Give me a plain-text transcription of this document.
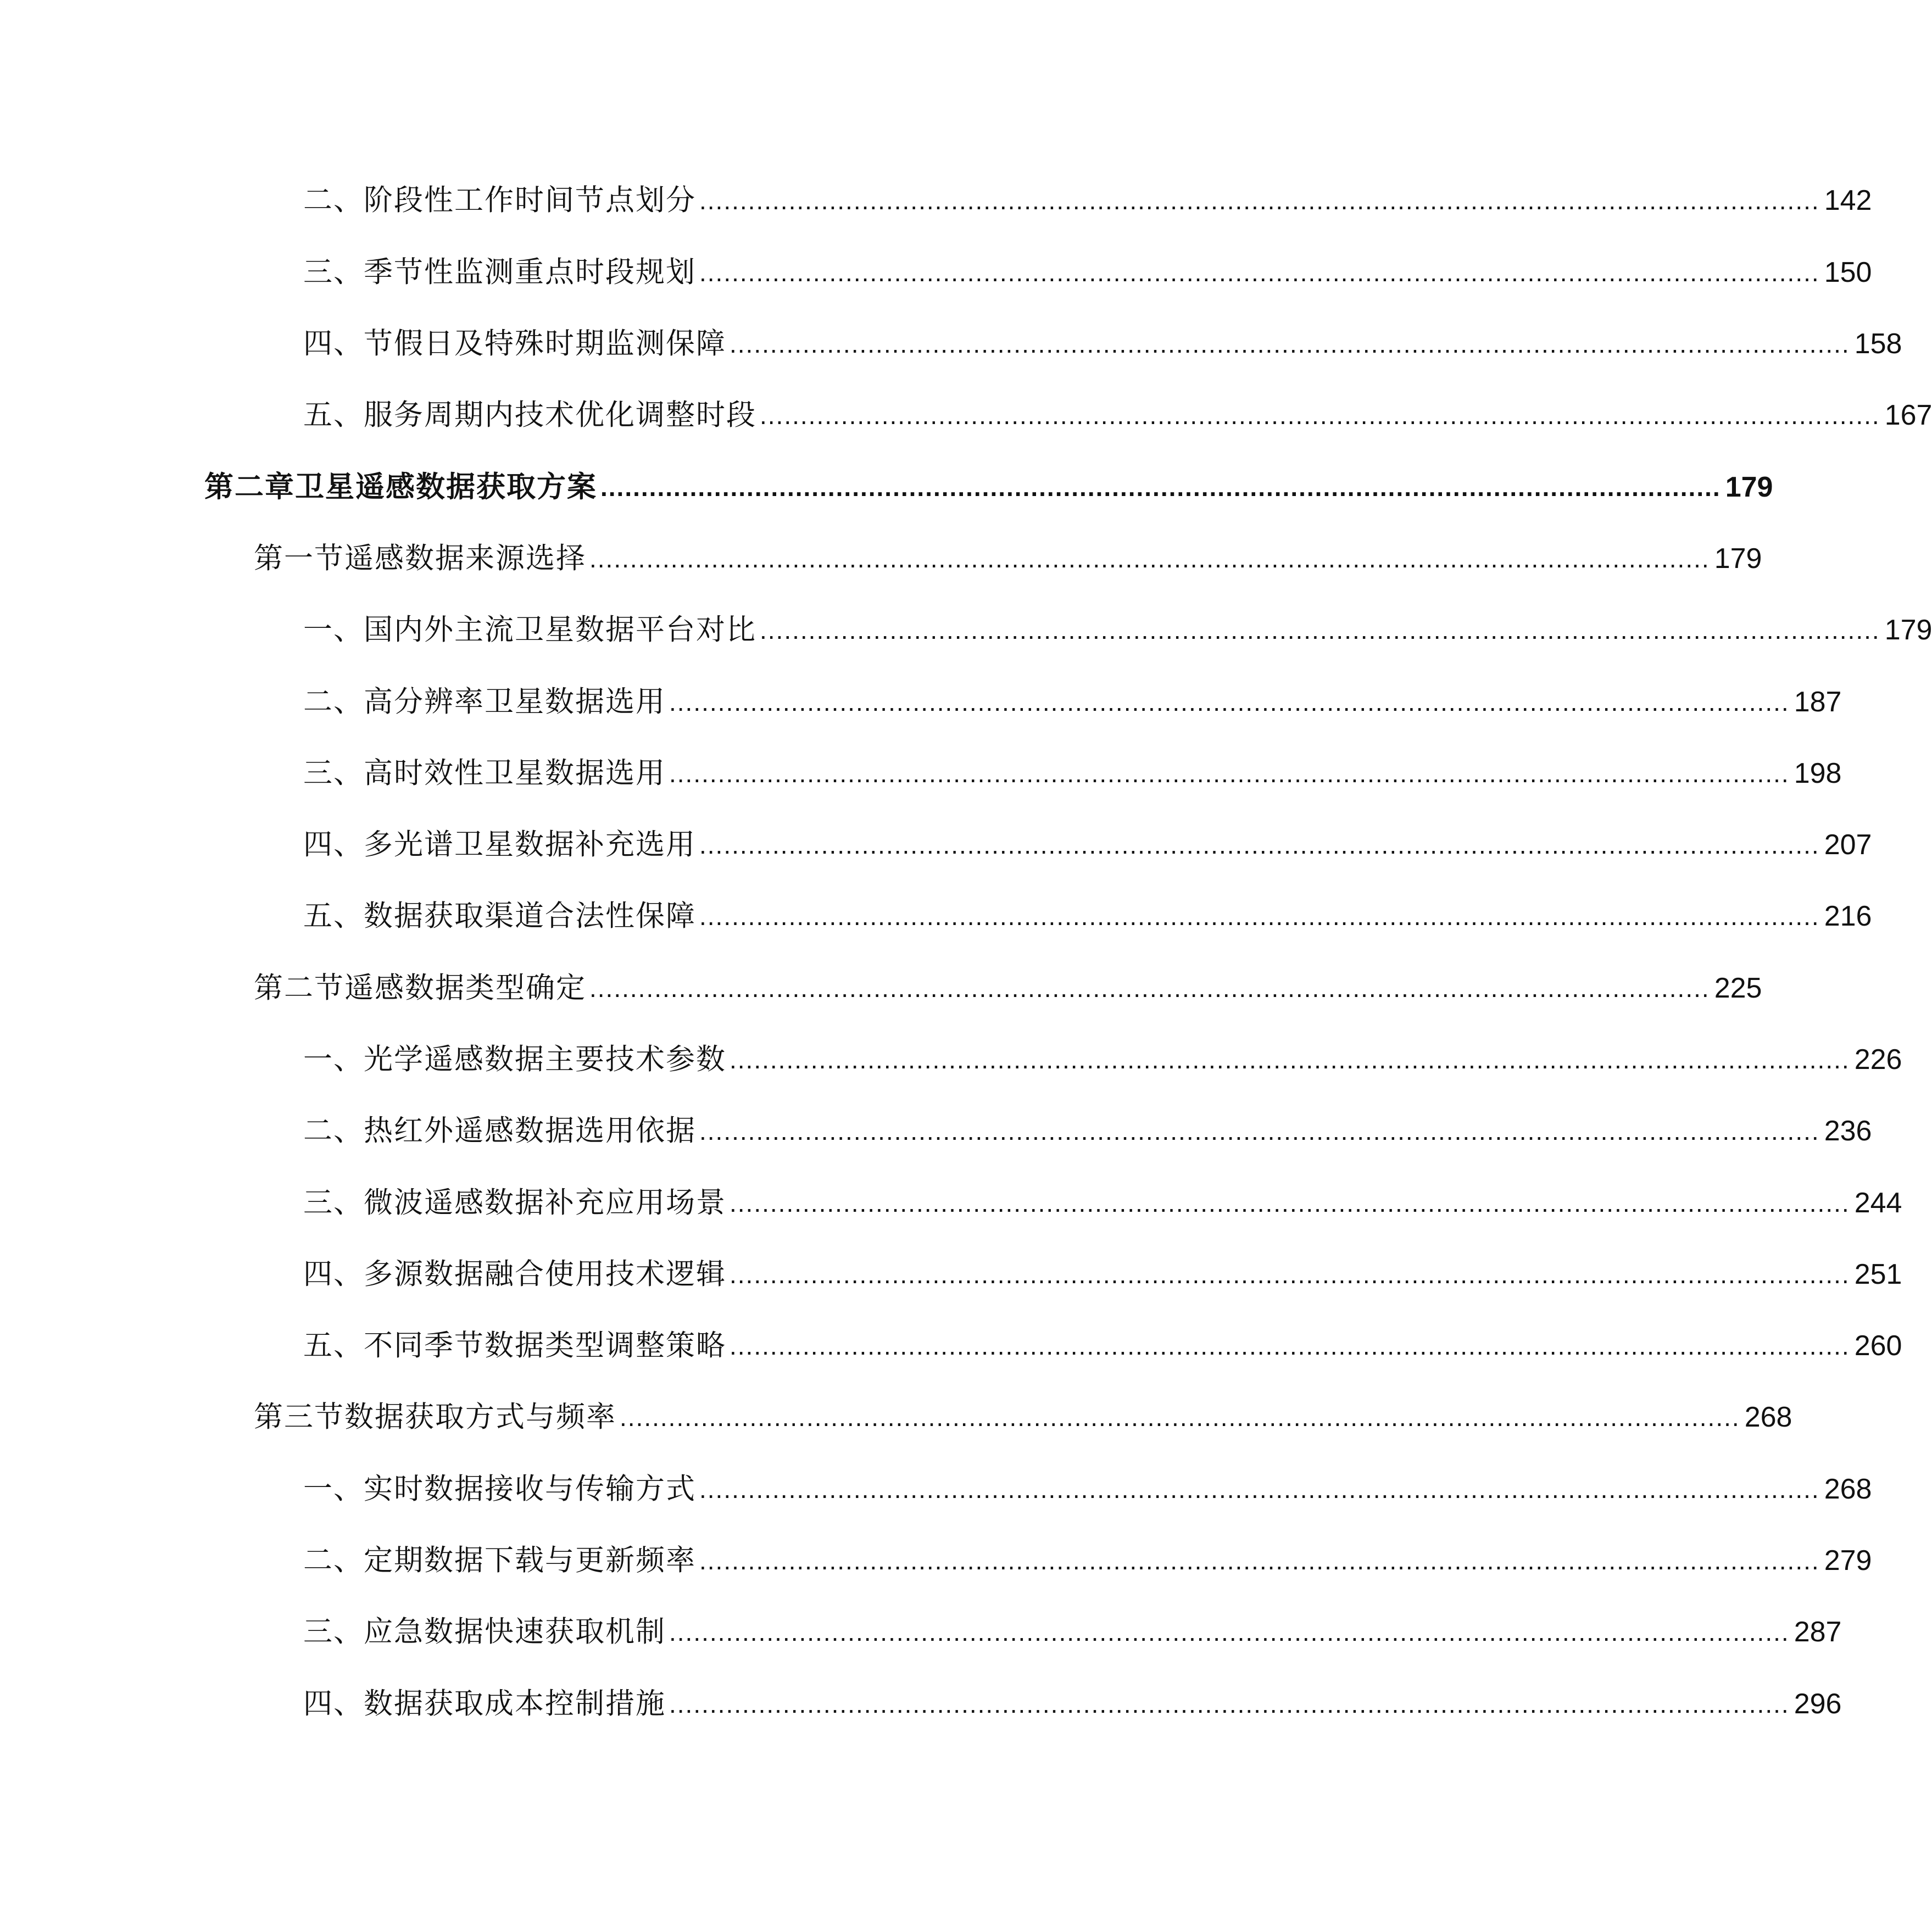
二、阶段性工作时间节点划分 .......................................................................................................................................... 142
三、季节性监测重点时段规划 .......................................................................................................................................... 150
四、节假日及特殊时期监测保障 .......................................................................................................................................... 158
五、服务周期内技术优化调整时段 .......................................................................................................................................... 167
第二章卫星遥感数据获取方案 .......................................................................................................................................... 179
第一节遥感数据来源选择 .......................................................................................................................................... 179
一、国内外主流卫星数据平台对比 .......................................................................................................................................... 179
二、高分辨率卫星数据选用 .......................................................................................................................................... 187
三、高时效性卫星数据选用 .......................................................................................................................................... 198
四、多光谱卫星数据补充选用 .......................................................................................................................................... 207
五、数据获取渠道合法性保障 .......................................................................................................................................... 216
第二节遥感数据类型确定 .......................................................................................................................................... 225
一、光学遥感数据主要技术参数 .......................................................................................................................................... 226
二、热红外遥感数据选用依据 .......................................................................................................................................... 236
三、微波遥感数据补充应用场景 .......................................................................................................................................... 244
四、多源数据融合使用技术逻辑 .......................................................................................................................................... 251
五、不同季节数据类型调整策略 .......................................................................................................................................... 260
第三节数据获取方式与频率 .......................................................................................................................................... 268
一、实时数据接收与传输方式 .......................................................................................................................................... 268
二、定期数据下载与更新频率 .......................................................................................................................................... 279
三、应急数据快速获取机制 .......................................................................................................................................... 287
四、数据获取成本控制措施 .......................................................................................................................................... 296
